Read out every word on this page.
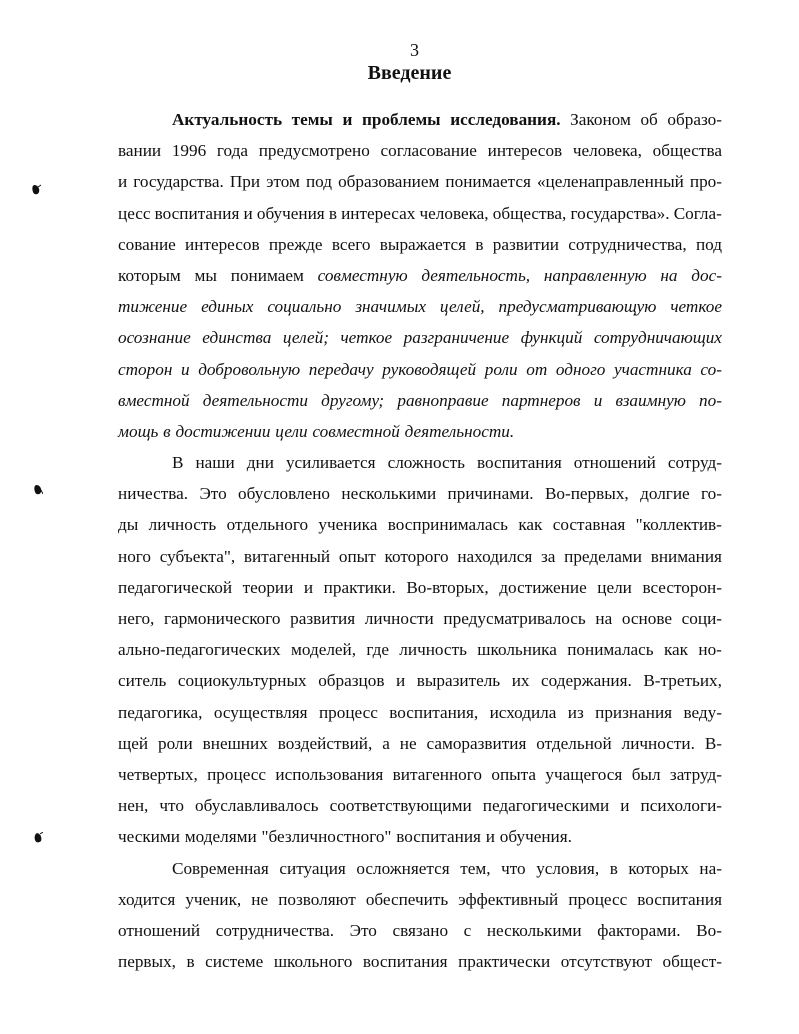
3
Введение
Актуальность темы и проблемы исследования. Законом об образо-
вании 1996 года предусмотрено согласование интересов человека, общества
и государства. При этом под образованием понимается «целенаправленный про-
цесс воспитания и обучения в интересах человека, общества, государства». Согла-
сование интересов прежде всего выражается в развитии сотрудничества, под
которым мы понимаем совместную деятельность, направленную на дос-
тижение единых социально значимых целей, предусматривающую четкое
осознание единства целей; четкое разграничение функций сотрудничающих
сторон и добровольную передачу руководящей роли от одного участника со-
вместной деятельности другому; равноправие партнеров и взаимную по-
мощь в достижении цели совместной деятельности.
В наши дни усиливается сложность воспитания отношений сотруд-
ничества. Это обусловлено несколькими причинами. Во-первых, долгие го-
ды личность отдельного ученика воспринималась как составная "коллектив-
ного субъекта", витагенный опыт которого находился за пределами внимания
педагогической теории и практики. Во-вторых, достижение цели всесторон-
него, гармонического развития личности предусматривалось на основе соци-
ально-педагогических моделей, где личность школьника понималась как но-
ситель социокультурных образцов и выразитель их содержания. В-третьих,
педагогика, осуществляя процесс воспитания, исходила из признания веду-
щей роли внешних воздействий, а не саморазвития отдельной личности. В-
четвертых, процесс использования витагенного опыта учащегося был затруд-
нен, что обуславливалось соответствующими педагогическими и психологи-
ческими моделями "безличностного" воспитания и обучения.
Современная ситуация осложняется тем, что условия, в которых на-
ходится ученик, не позволяют обеспечить эффективный процесс воспитания
отношений сотрудничества. Это связано с несколькими факторами. Во-
первых, в системе школьного воспитания практически отсутствуют общест-
